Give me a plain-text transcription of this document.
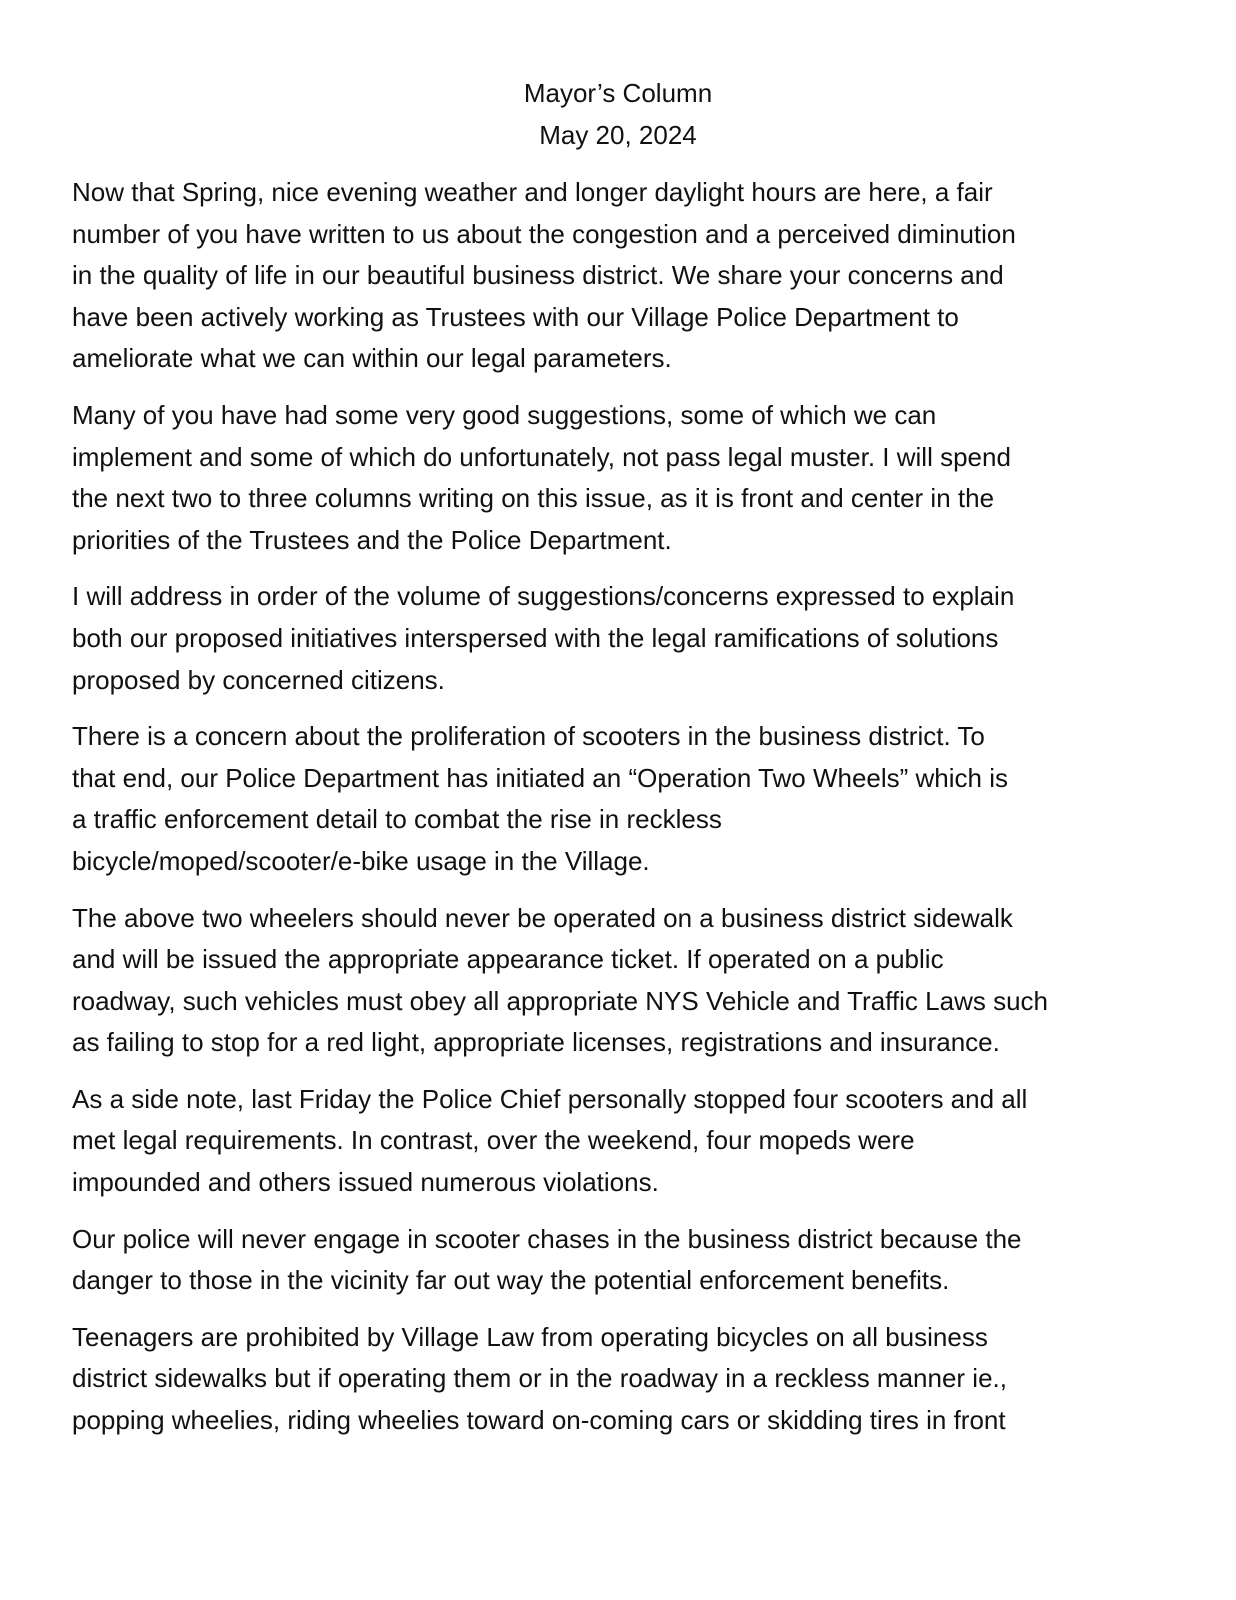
Mayor’s Column
May 20, 2024
Now that Spring, nice evening weather and longer daylight hours are here, a fair
number of you have written to us about the congestion and a perceived diminution
in the quality of life in our beautiful business district. We share your concerns and
have been actively working as Trustees with our Village Police Department to
ameliorate what we can within our legal parameters.
Many of you have had some very good suggestions, some of which we can
implement and some of which do unfortunately, not pass legal muster. I will spend
the next two to three columns writing on this issue, as it is front and center in the
priorities of the Trustees and the Police Department.
I will address in order of the volume of suggestions/concerns expressed to explain
both our proposed initiatives interspersed with the legal ramifications of solutions
proposed by concerned citizens.
There is a concern about the proliferation of scooters in the business district. To
that end, our Police Department has initiated an “Operation Two Wheels” which is
a traffic enforcement detail to combat the rise in reckless
bicycle/moped/scooter/e-bike usage in the Village.
The above two wheelers should never be operated on a business district sidewalk
and will be issued the appropriate appearance ticket. If operated on a public
roadway, such vehicles must obey all appropriate NYS Vehicle and Traffic Laws such
as failing to stop for a red light, appropriate licenses, registrations and insurance.
As a side note, last Friday the Police Chief personally stopped four scooters and all
met legal requirements. In contrast, over the weekend, four mopeds were
impounded and others issued numerous violations.
Our police will never engage in scooter chases in the business district because the
danger to those in the vicinity far out way the potential enforcement benefits.
Teenagers are prohibited by Village Law from operating bicycles on all business
district sidewalks but if operating them or in the roadway in a reckless manner ie.,
popping wheelies, riding wheelies toward on-coming cars or skidding tires in front
